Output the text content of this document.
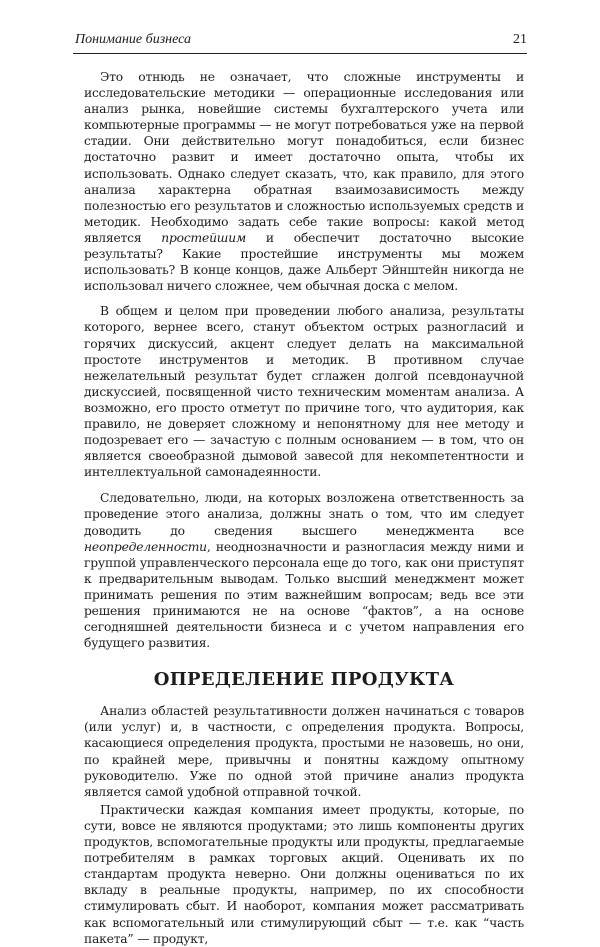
Понимание бизнеса	21

Это отнюдь не означает, что сложные инструменты и исследовательские методики — операционные исследования или анализ рынка, новейшие системы бухгалтерского учета или компьютерные программы — не могут потребоваться уже на первой стадии. Они действительно могут понадобиться, если бизнес достаточно развит и имеет достаточно опыта, чтобы их использовать. Однако следует сказать, что, как правило, для этого анализа характерна обратная взаимозависимость между полезностью его результатов и сложностью используемых средств и методик. Необходимо задать себе такие вопросы: какой метод является простейшим и обеспечит достаточно высокие результаты? Какие простейшие инструменты мы можем использовать? В конце концов, даже Альберт Эйнштейн никогда не использовал ничего сложнее, чем обычная доска с мелом.

В общем и целом при проведении любого анализа, результаты которого, вернее всего, станут объектом острых разногласий и горячих дискуссий, акцент следует делать на максимальной простоте инструментов и методик. В противном случае нежелательный результат будет сглажен долгой псевдонаучной дискуссией, посвященной чисто техническим моментам анализа. А возможно, его просто отметут по причине того, что аудитория, как правило, не доверяет сложному и непонятному для нее методу и подозревает его — зачастую с полным основанием — в том, что он является своеобразной дымовой завесой для некомпетентности и интеллектуальной самонадеянности.

Следовательно, люди, на которых возложена ответственность за проведение этого анализа, должны знать о том, что им следует доводить до сведения высшего менеджмента все неопределенности, неоднозначности и разногласия между ними и группой управленческого персонала еще до того, как они приступят к предварительным выводам. Только высший менеджмент может принимать решения по этим важнейшим вопросам; ведь все эти решения принимаются не на основе “фактов”, а на основе сегодняшней деятельности бизнеса и с учетом направления его будущего развития.

ОПРЕДЕЛЕНИЕ ПРОДУКТА

Анализ областей результативности должен начинаться с товаров (или услуг) и, в частности, с определения продукта. Вопросы, касающиеся определения продукта, простыми не назовешь, но они, по крайней мере, привычны и понятны каждому опытному руководителю. Уже по одной этой причине анализ продукта является самой удобной отправной точкой.

Практически каждая компания имеет продукты, которые, по сути, вовсе не являются продуктами; это лишь компоненты других продуктов, вспомогательные продукты или продукты, предлагаемые потребителям в рамках торговых акций. Оценивать их по стандартам продукта неверно. Они должны оцениваться по их вкладу в реальные продукты, например, по их способности стимулировать сбыт. И наоборот, компания может рассматривать как вспомогательный или стимулирующий сбыт — т.е. как “часть пакета” — продукт,
